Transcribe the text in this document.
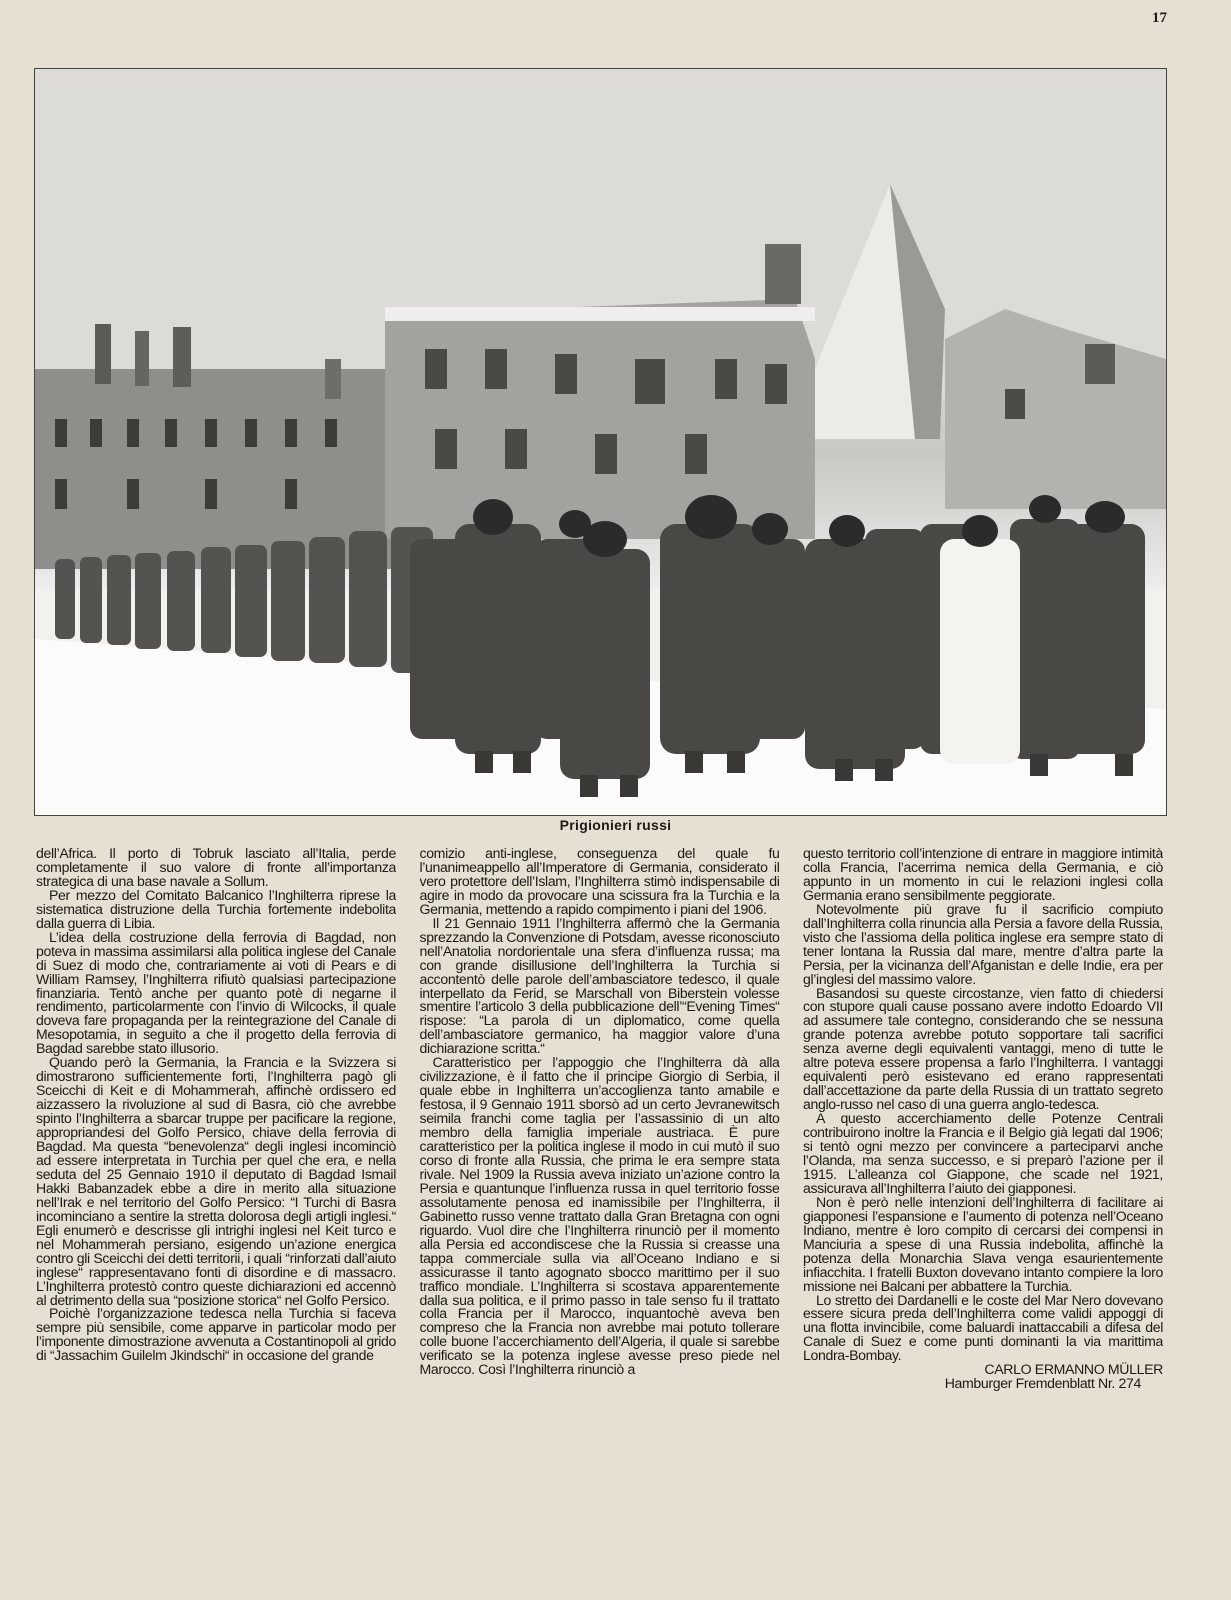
17
Prigionieri russi

dell’Africa. Il porto di Tobruk lasciato all’Italia, perde completamente il suo valore di fronte all’importanza strategica di una base navale a Sollum.

Per mezzo del Comitato Balcanico l’Inghilterra riprese la sistematica distruzione della Turchia fortemente indebolita dalla guerra di Libia.

L’idea della costruzione della ferrovia di Bagdad, non poteva in massima assimilarsi alla politica inglese del Canale di Suez di modo che, contrariamente ai voti di Pears e di William Ramsey, l’Inghilterra rifiutò qualsiasi partecipazione finanziaria. Tentò anche per quanto potè di negarne il rendimento, particolarmente con l’invio di Wilcocks, il quale doveva fare propaganda per la reintegrazione del Canale di Mesopotamia, in seguito a che il progetto della ferrovia di Bagdad sarebbe stato illusorio.

Quando però la Germania, la Francia e la Svizzera si dimostrarono sufficientemente forti, l’Inghilterra pagò gli Sceicchi di Keit e di Mohammerah, affinchè ordissero ed aizzassero la rivoluzione al sud di Basra, ciò che avrebbe spinto l’Inghilterra a sbarcar truppe per pacificare la regione, appropriandesi del Golfo Persico, chiave della ferrovia di Bagdad. Ma questa “benevolenza“ degli inglesi incominciò ad essere interpretata in Turchia per quel che era, e nella seduta del 25 Gennaio 1910 il deputato di Bagdad Ismail Hakki Babanzadek ebbe a dire in merito alla situazione nell’Irak e nel territorio del Golfo Persico: “I Turchi di Basra incominciano a sentire la stretta dolorosa degli artigli inglesi.“ Egli enumerò e descrisse gli intrighi inglesi nel Keit turco e nel Mohammerah persiano, esigendo un’azione energica contro gli Sceicchi dei detti territorii, i quali “rinforzati dall’aiuto inglese“ rappresentavano fonti di disordine e di massacro. L’Inghilterra protestò contro queste dichiarazioni ed accennò al detrimento della sua “posizione storica“ nel Golfo Persico.

Poichè l’organizzazione tedesca nella Turchia si faceva sempre più sensibile, come apparve in particolar modo per l’imponente dimostrazione avvenuta a Costantinopoli al grido di “Jassachim Guilelm Jkindschi“ in occasione del grande

comizio anti-inglese, conseguenza del quale fu l’unanimeappello all’Imperatore di Germania, considerato il vero protettore dell’Islam, l’Inghilterra stimò indispensabile di agire in modo da provocare una scissura fra la Turchia e la Germania, mettendo a rapido compimento i piani del 1906.

Il 21 Gennaio 1911 l’Inghilterra affermò che la Germania sprezzando la Convenzione di Potsdam, avesse riconosciuto nell’Anatolia nordorientale una sfera d’influenza russa; ma con grande disillusione dell’Inghilterra la Turchia si accontentò delle parole dell’ambasciatore tedesco, il quale interpellato da Ferid, se Marschall von Biberstein volesse smentire l’articolo 3 della pubblicazione dell’“Evening Times“ rispose: “La parola di un diplomatico, come quella dell’ambasciatore germanico, ha maggior valore d’una dichiarazione scritta.“

Caratteristico per l’appoggio che l’Inghilterra dà alla civilizzazione, è il fatto che il principe Giorgio di Serbia, il quale ebbe in Inghilterra un’accoglienza tanto amabile e festosa, il 9 Gennaio 1911 sborsò ad un certo Jevranewitsch seimila franchi come taglia per l’assassinio di un alto membro della famiglia imperiale austriaca. È pure caratteristico per la politica inglese il modo in cui mutò il suo corso di fronte alla Russia, che prima le era sempre stata rivale. Nel 1909 la Russia aveva iniziato un’azione contro la Persia e quantunque l’influenza russa in quel territorio fosse assolutamente penosa ed inamissibile per l’Inghilterra, il Gabinetto russo venne trattato dalla Gran Bretagna con ogni riguardo. Vuol dire che l’Inghilterra rinunciò per il momento alla Persia ed accondiscese che la Russia si creasse una tappa commerciale sulla via all’Oceano Indiano e si assicurasse il tanto agognato sbocco marittimo per il suo traffico mondiale. L’Inghilterra si scostava apparentemente dalla sua politica, e il primo passo in tale senso fu il trattato colla Francia per il Marocco, inquantochè aveva ben compreso che la Francia non avrebbe mai potuto tollerare colle buone l’accerchiamento dell’Algeria, il quale si sarebbe verificato se la potenza inglese avesse preso piede nel Marocco. Così l’Inghilterra rinunciò a

questo territorio coll’intenzione di entrare in maggiore intimità colla Francia, l’acerrima nemica della Germania, e ciò appunto in un momento in cui le relazioni inglesi colla Germania erano sensibilmente peggiorate.

Notevolmente più grave fu il sacrificio compiuto dall’Inghilterra colla rinuncia alla Persia a favore della Russia, visto che l’assioma della politica inglese era sempre stato di tener lontana la Russia dal mare, mentre d’altra parte la Persia, per la vicinanza dell’Afganistan e delle Indie, era per gl’inglesi del massimo valore.

Basandosi su queste circostanze, vien fatto di chiedersi con stupore quali cause possano avere indotto Edoardo VII ad assumere tale contegno, considerando che se nessuna grande potenza avrebbe potuto sopportare tali sacrifici senza averne degli equivalenti vantaggi, meno di tutte le altre poteva essere propensa a farlo l’Inghilterra. I vantaggi equivalenti però esistevano ed erano rappresentati dall’accettazione da parte della Russia di un trattato segreto anglo-russo nel caso di una guerra anglo-tedesca.

A questo accerchiamento delle Potenze Centrali contribuirono inoltre la Francia e il Belgio già legati dal 1906; si tentò ogni mezzo per convincere a parteciparvi anche l’Olanda, ma senza successo, e si preparò l’azione per il 1915. L’alleanza col Giappone, che scade nel 1921, assicurava all’Inghilterra l’aiuto dei giapponesi.

Non è però nelle intenzioni dell’Inghilterra di facilitare ai giapponesi l’espansione e l’aumento di potenza nell’Oceano Indiano, mentre è loro compito di cercarsi dei compensi in Manciuria a spese di una Russia indebolita, affinchè la potenza della Monarchia Slava venga esaurientemente infiacchita. I fratelli Buxton dovevano intanto compiere la loro missione nei Balcani per abbattere la Turchia.

Lo stretto dei Dardanelli e le coste del Mar Nero dovevano essere sicura preda dell’Inghilterra come validi appoggi di una flotta invincibile, come baluardi inattaccabili a difesa del Canale di Suez e come punti dominanti la via marittima Londra-Bombay.

CARLO ERMANNO MÜLLER

Hamburger Fremdenblatt Nr. 274
